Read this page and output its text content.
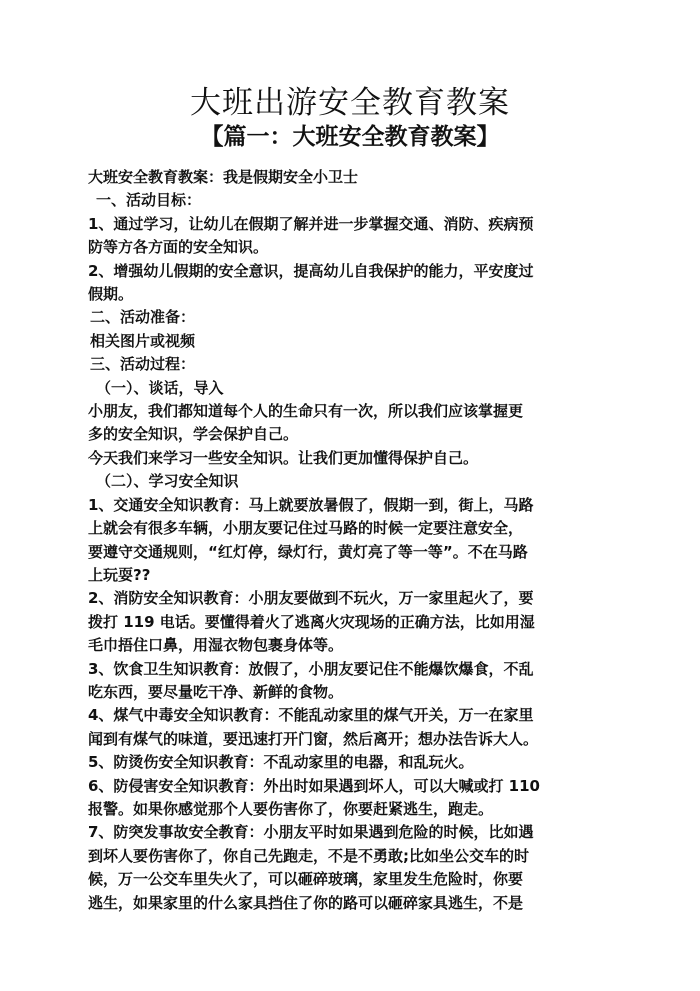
大班出游安全教育教案
【篇一：大班安全教育教案】
大班安全教育教案：我是假期安全小卫士
一、活动目标：
1、通过学习，让幼儿在假期了解并进一步掌握交通、消防、疾病预
防等方各方面的安全知识。
2、增强幼儿假期的安全意识，提高幼儿自我保护的能力，平安度过
假期。
二、活动准备：
相关图片或视频
三、活动过程：
（一）、谈话，导入
小朋友，我们都知道每个人的生命只有一次，所以我们应该掌握更
多的安全知识，学会保护自己。
今天我们来学习一些安全知识。让我们更加懂得保护自己。
（二）、学习安全知识
1、交通安全知识教育：马上就要放暑假了，假期一到，街上，马路
上就会有很多车辆，小朋友要记住过马路的时候一定要注意安全，
要遵守交通规则，“红灯停，绿灯行，黄灯亮了等一等”。不在马路
上玩耍??
2、消防安全知识教育：小朋友要做到不玩火，万一家里起火了，要
拨打 119 电话。要懂得着火了逃离火灾现场的正确方法，比如用湿
毛巾捂住口鼻，用湿衣物包裹身体等。
3、饮食卫生知识教育：放假了，小朋友要记住不能爆饮爆食，不乱
吃东西，要尽量吃干净、新鲜的食物。
4、煤气中毒安全知识教育：不能乱动家里的煤气开关，万一在家里
闻到有煤气的味道，要迅速打开门窗，然后离开；想办法告诉大人。
5、防烫伤安全知识教育：不乱动家里的电器，和乱玩火。
6、防侵害安全知识教育：外出时如果遇到坏人，可以大喊或打 110
报警。如果你感觉那个人要伤害你了，你要赶紧逃生，跑走。
7、防突发事故安全教育：小朋友平时如果遇到危险的时候，比如遇
到坏人要伤害你了，你自己先跑走，不是不勇敢;比如坐公交车的时
候，万一公交车里失火了，可以砸碎玻璃，家里发生危险时，你要
逃生，如果家里的什么家具挡住了你的路可以砸碎家具逃生，不是
